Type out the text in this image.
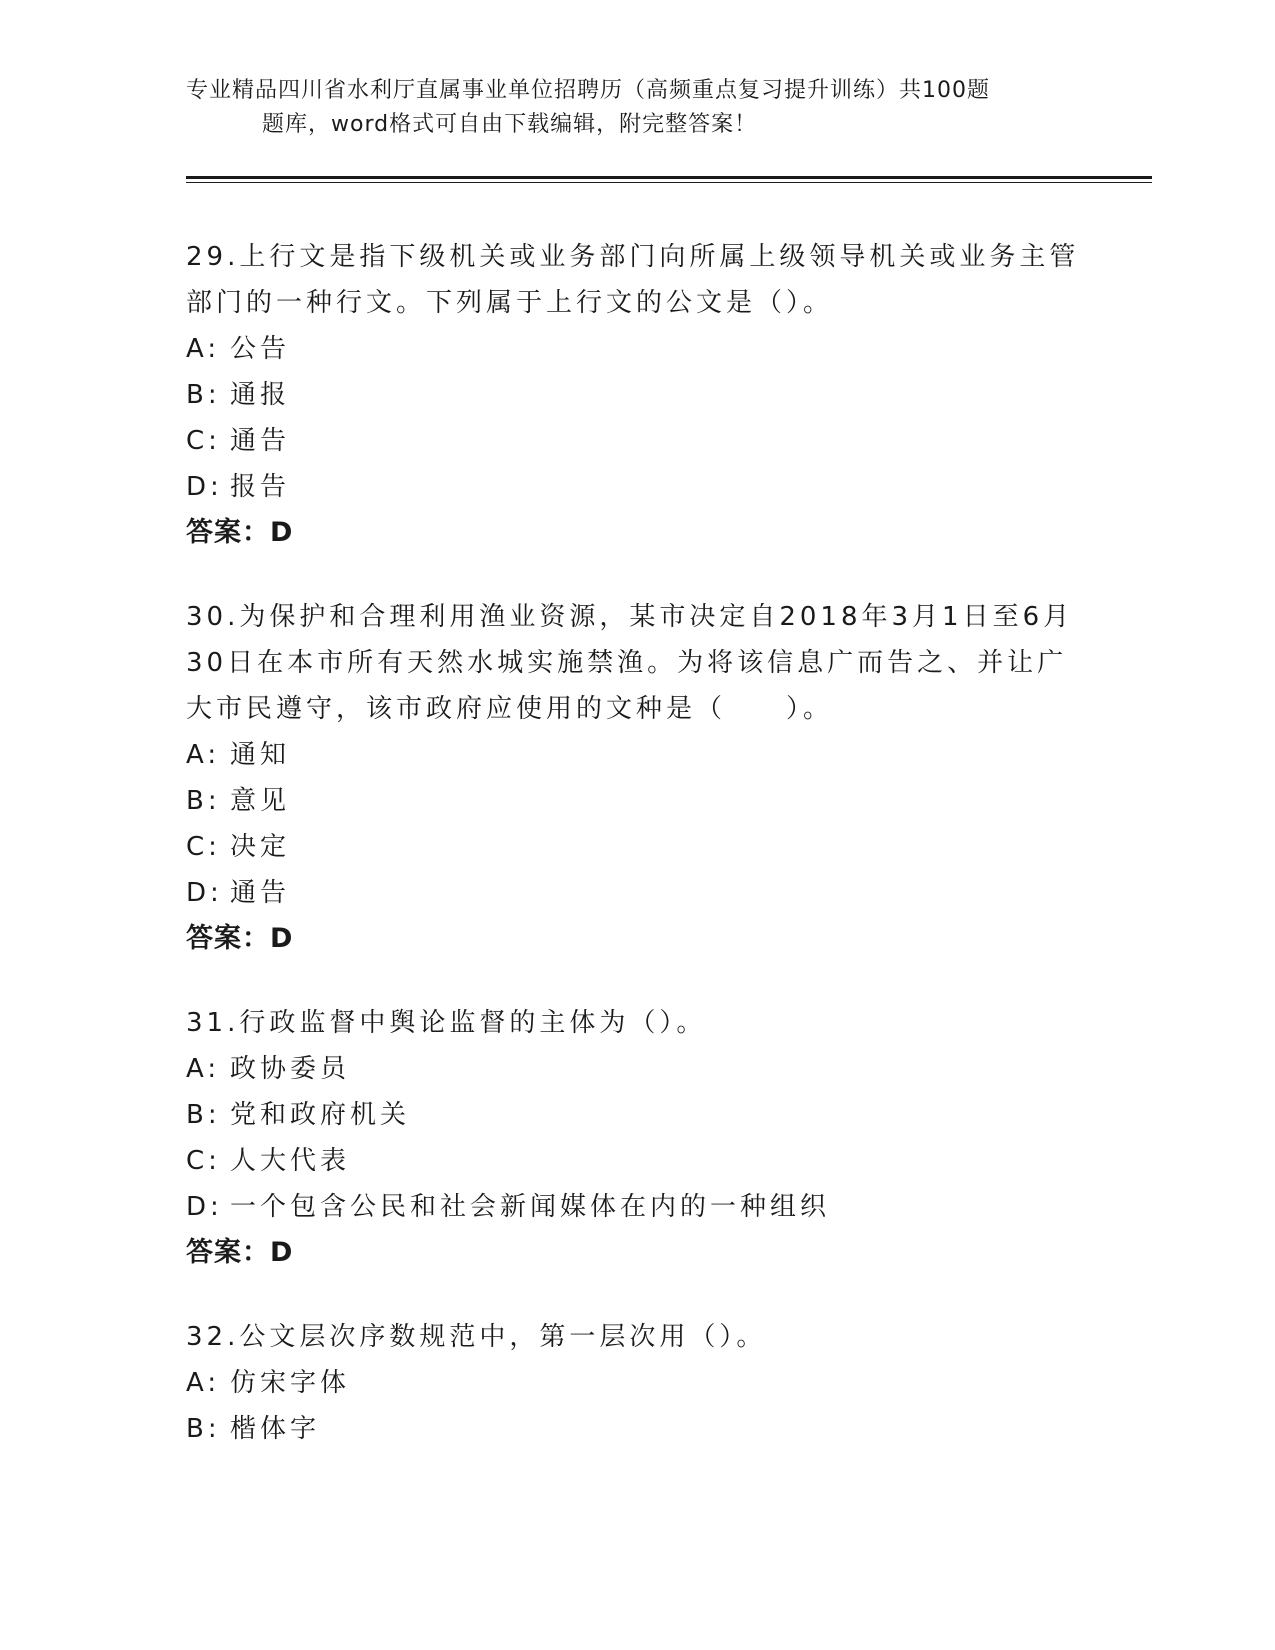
专业精品四川省水利厅直属事业单位招聘历（高频重点复习提升训练）共100题
题库，word格式可自由下载编辑，附完整答案！

29.上行文是指下级机关或业务部门向所属上级领导机关或业务主管部门的一种行文。下列属于上行文的公文是（）。

A: 公告
B: 通报
C: 通告
D: 报告
答案：D

30.为保护和合理利用渔业资源，某市决定自2018年3月1日至6月30日在本市所有天然水城实施禁渔。为将该信息广而告之、并让广大市民遵守，该市政府应使用的文种是（　　）。

A: 通知
B: 意见
C: 决定
D: 通告
答案：D

31.行政监督中舆论监督的主体为（）。

A: 政协委员
B: 党和政府机关
C: 人大代表
D: 一个包含公民和社会新闻媒体在内的一种组织
答案：D

32.公文层次序数规范中，第一层次用（）。

A: 仿宋字体
B: 楷体字
